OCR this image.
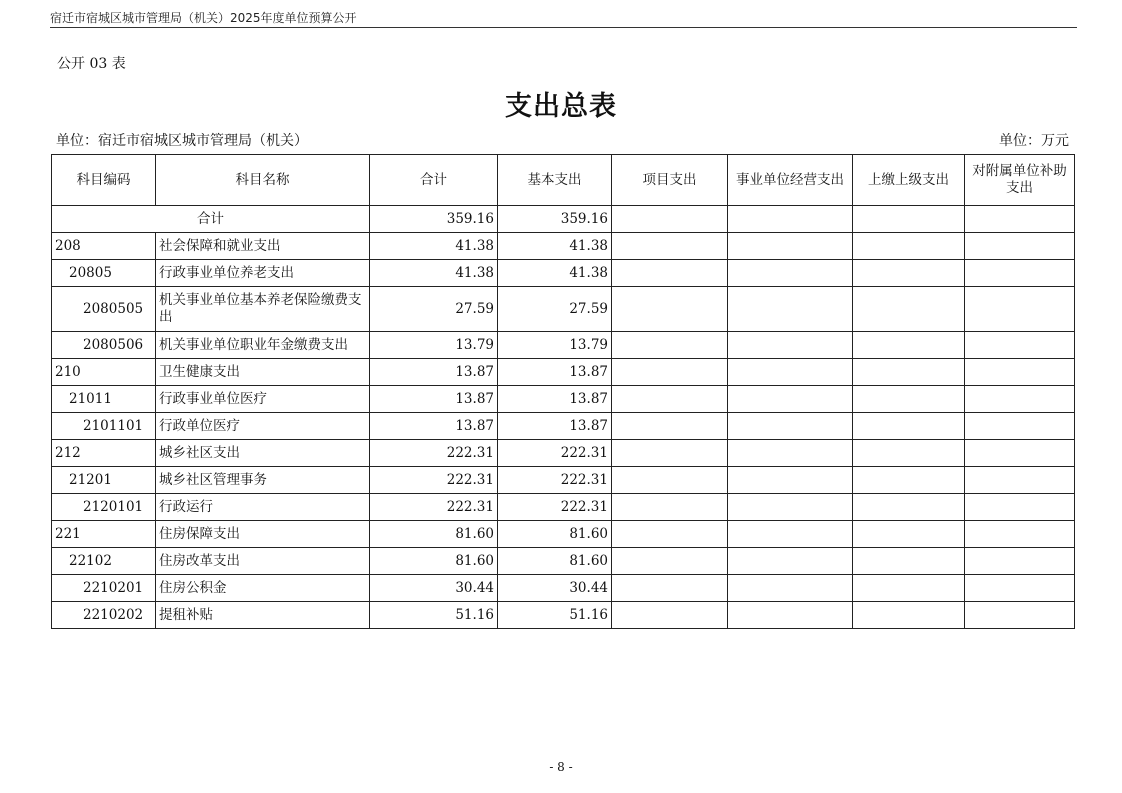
宿迁市宿城区城市管理局（机关）2025年度单位预算公开
公开 03 表
支出总表
单位：宿迁市宿城区城市管理局（机关）	单位：万元
科目编码	科目名称	合计	基本支出	项目支出	事业单位经营支出	上缴上级支出	对附属单位补助支出
合计		359.16	359.16				
208	社会保障和就业支出	41.38	41.38				
20805	行政事业单位养老支出	41.38	41.38				
2080505	机关事业单位基本养老保险缴费支出	27.59	27.59				
2080506	机关事业单位职业年金缴费支出	13.79	13.79				
210	卫生健康支出	13.87	13.87				
21011	行政事业单位医疗	13.87	13.87				
2101101	行政单位医疗	13.87	13.87				
212	城乡社区支出	222.31	222.31				
21201	城乡社区管理事务	222.31	222.31				
2120101	行政运行	222.31	222.31				
221	住房保障支出	81.60	81.60				
22102	住房改革支出	81.60	81.60				
2210201	住房公积金	30.44	30.44				
2210202	提租补贴	51.16	51.16				
- 8 -
